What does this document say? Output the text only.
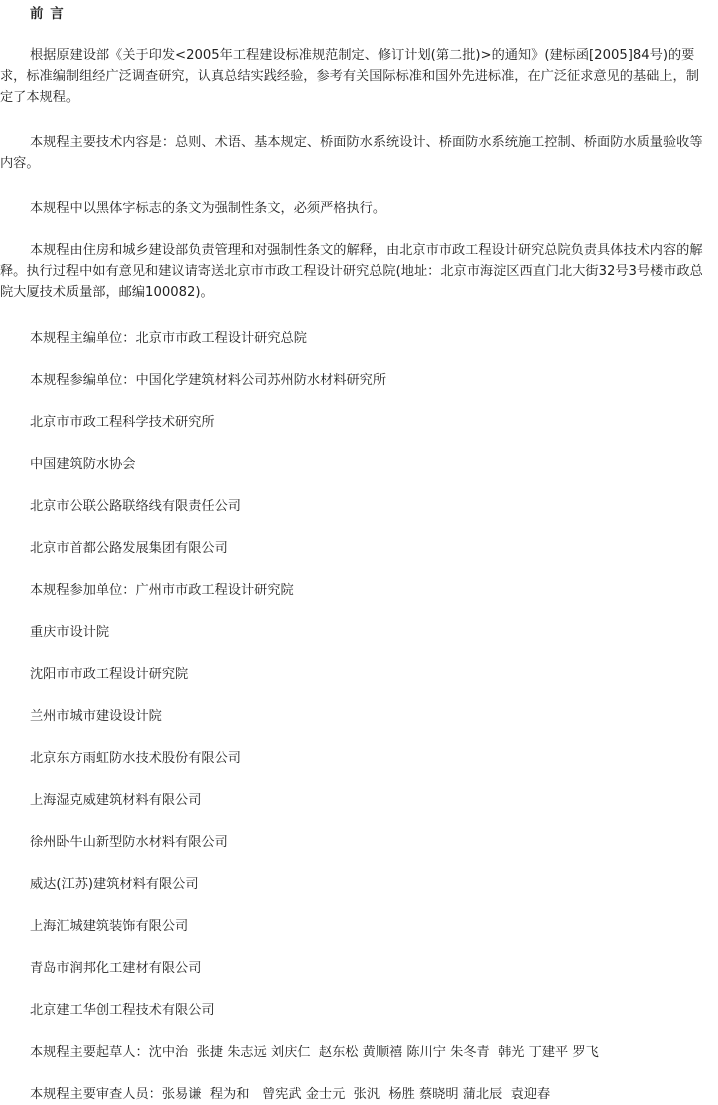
前 言
根据原建设部《关于印发<2005年工程建设标准规范制定、修订计划(第二批)>的通知》(建标函[2005]84号)的要求，标准编制组经广泛调查研究，认真总结实践经验，参考有关国际标准和国外先进标准，在广泛征求意见的基础上，制定了本规程。
本规程主要技术内容是：总则、术语、基本规定、桥面防水系统设计、桥面防水系统施工控制、桥面防水质量验收等内容。
本规程中以黑体字标志的条文为强制性条文，必须严格执行。
本规程由住房和城乡建设部负责管理和对强制性条文的解释，由北京市市政工程设计研究总院负责具体技术内容的解释。执行过程中如有意见和建议请寄送北京市市政工程设计研究总院(地址：北京市海淀区西直门北大街32号3号楼市政总院大厦技术质量部，邮编100082)。
本规程主编单位：北京市市政工程设计研究总院
本规程参编单位：中国化学建筑材料公司苏州防水材料研究所
北京市市政工程科学技术研究所
中国建筑防水协会
北京市公联公路联络线有限责任公司
北京市首都公路发展集团有限公司
本规程参加单位：广州市市政工程设计研究院
重庆市设计院
沈阳市市政工程设计研究院
兰州市城市建设设计院
北京东方雨虹防水技术股份有限公司
上海湿克威建筑材料有限公司
徐州卧牛山新型防水材料有限公司
威达(江苏)建筑材料有限公司
上海汇城建筑装饰有限公司
青岛市润邦化工建材有限公司
北京建工华创工程技术有限公司
本规程主要起草人：沈中治  张捷 朱志远 刘庆仁  赵东松 黄顺禧 陈川宁 朱冬青  韩光 丁建平 罗飞
本规程主要审查人员：张易谦  程为和   曾宪武 金士元  张汎  杨胜 蔡晓明 蒲北辰  袁迎春
